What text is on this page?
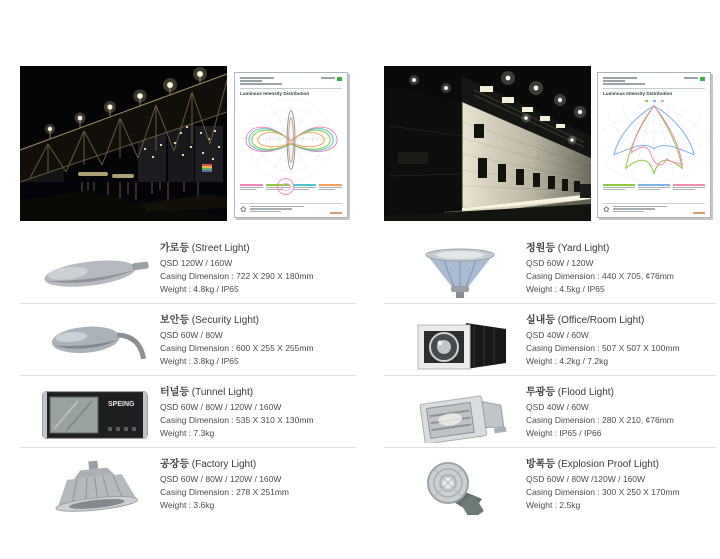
Luminous Intensity Distribution
✿
Luminous Intensity Distribution
✿
가로등 (Street Light)
QSD 120W / 160W
Casing Dimension : 722 X 290 X 180mm
Weight : 4.8kg / IP65
보안등 (Security Light)
QSD 60W / 80W
Casing Dimension : 600 X 255 X 255mm
Weight : 3.8kg / IP65
SPEING
터널등 (Tunnel Light)
QSD 60W / 80W / 120W / 160W
Casing Dimension : 535 X 310 X 130mm
Weight : 7.3kg
공장등 (Factory Light)
QSD 60W / 80W / 120W / 160W
Casing Dimension : 278 X 251mm
Weight : 3.6kg
정원등 (Yard Light)
QSD 60W / 120W
Casing Dimension : 440 X 705, ¢76mm
Weight : 4.5kg / IP65
실내등 (Office/Room Light)
QSD 40W / 60W
Casing Dimension : 507 X 507 X 100mm
Weight : 4.2kg / 7.2kg
투광등 (Flood Light)
QSD 40W / 60W
Casing Dimension : 280 X 210, ¢76mm
Weight : IP65 / IP66
방폭등 (Explosion Proof Light)
QSD 60W / 80W /120W / 160W
Casing Dimension : 300 X 250 X 170mm
Weight : 2.5kg
